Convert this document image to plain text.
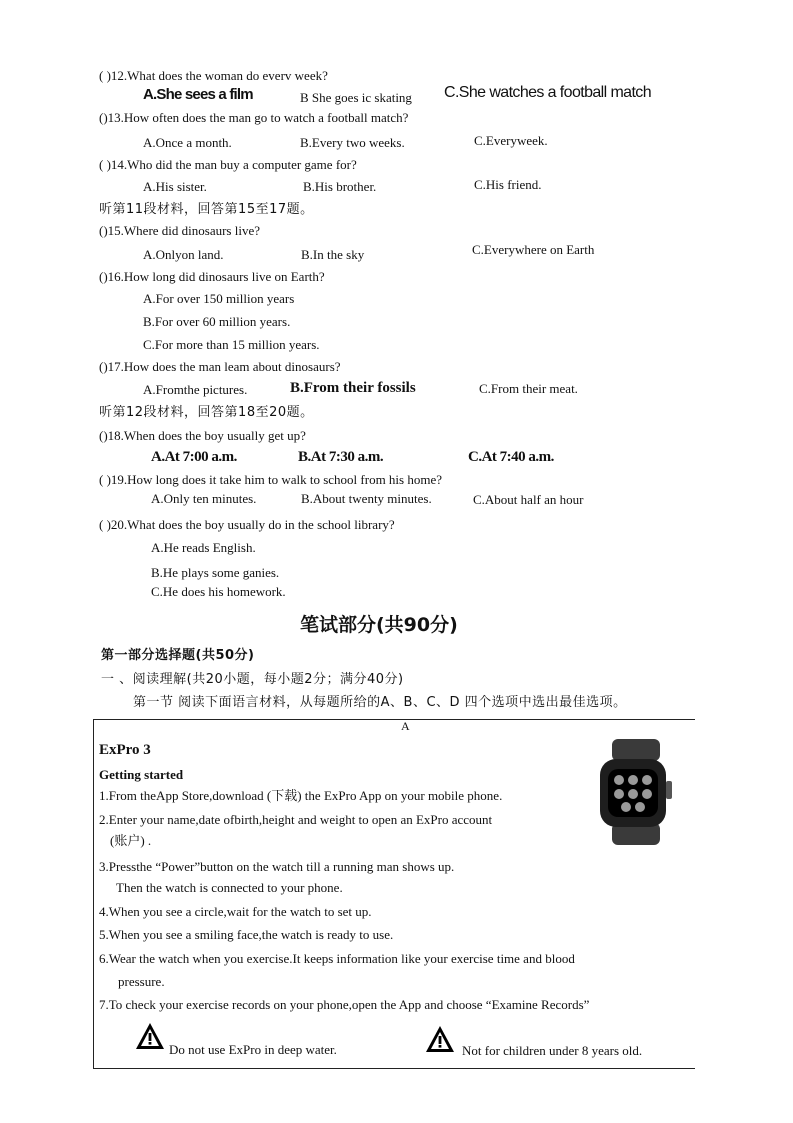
( )12.What does the woman do everv week?
A.She sees a film	B She goes ic skating C.She watches a football match
()13.How often does the man go to watch a football match?
A.Once a month.	B.Every two weeks.	C.Everyweek.
( )14.Who did the man buy a computer game for?
A.His sister.	B.His brother.	C.His friend.
听第11段材料，回答第15至17题。
()15.Where did dinosaurs live?
A.Onlyon land.	B.In the sky	C.Everywhere on Earth
()16.How long did dinosaurs live on Earth?
A.For over 150 million years
B.For over 60 million years.
C.For more than 15 million years.
()17.How does the man leam about dinosaurs?
A.Fromthe pictures.	B.From their fossils	C.From their meat.
听第12段材料，回答第18至20题。
()18.When does the boy usually get up?
A.At 7:00 a.m.	B.At 7:30 a.m.	C.At 7:40 a.m.
( )19.How long does it take him to walk to school from his home?
A.Only ten minutes.	B.About twenty minutes.	C.About half an hour
( )20.What does the boy usually do in the school library?
A.He reads English.
B.He plays some ganies.
C.He does his homework.
笔试部分(共90分)
第一部分选择题(共50分)
一 、阅读理解(共20小题，每小题2分；满分40分)
第一节 阅读下面语言材料，从每题所给的A、B、C、D 四个选项中选出最佳选项。
A
ExPro 3
Getting started
1.From theApp Store,download (下载) the ExPro App on your mobile phone.
2.Enter your name,date ofbirth,height and weight to open an ExPro account
(账户) .
3.Pressthe “Power”button on the watch till a running man shows up.
Then the watch is connected to your phone.
4.When you see a circle,wait for the watch to set up.
5.When you see a smiling face,the watch is ready to use.
6.Wear the watch when you exercise.It keeps information like your exercise time and blood
pressure.
7.To check your exercise records on your phone,open the App and choose “Examine Records”
Do not use ExPro in deep water.	Not for children under 8 years old.
